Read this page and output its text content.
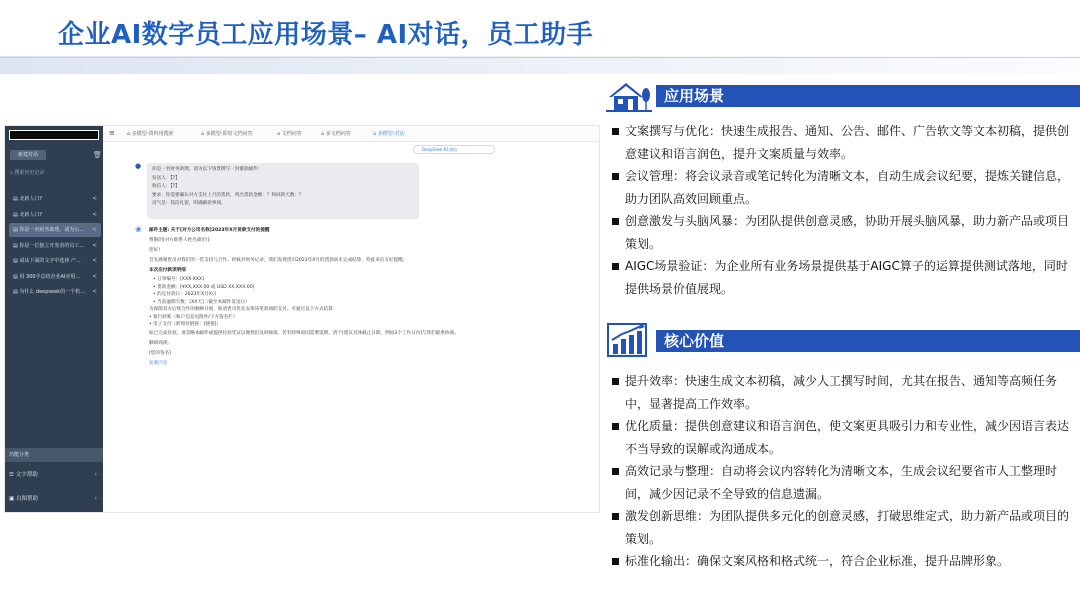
企业AI数字员工应用场景– AI对话，员工助手
新建对话	🗑
⌕ 搜索历史记录
▤ 北新人口?	<
▤ 北新人口?	<
▤ 你是一名财务助理。请为公... <
▤ 你是一位独立开发者的员工... <
▤ 请从下面的文字中选择 产... <
▤ 用 300字总结企业AI应用... <
▤ 为什么 deepseek的一个机... <
功能分类
☰ 文字帮助	›
▣ 自图帮助	›
≡ ⌂ 多模型-资料用搜索	⌂ 多模型-即时文档问答	⌂ 文档问答	⌂ 多文档问答	⌂ 多模型-对话
DeepSeek-R1满血
●	你是一名财务助理。请为以下场景撰写一封催款邮件：

发送人：【?】

收信人：【?】

要求：你需要确认对方支付上月的货款，列出货款金额：？和回款天数：？

语气是：简洁礼貌，明确催款事项。

❀	邮件主题: 关于[对方公司名称]2023年X月货款支付的提醒

尊敬的[对方联系人姓名/职位]:

您好!

首先感谢贵司对我们的一贯支持与合作。经核对财务记录，我们发现贵司2023年X月的货款尚未完成结算，特此来信友好提醒。

本次应付款项明细

• 订单编号：[XXX-XXX]

• 货款金额：[¥XX,XXX.00 或 USD XX,XXX.00]

• 约定付款日：2023年X月X日

• 当前逾期天数：[XX天]（截至本邮件发送日）

为保障双方后续合作的顺畅开展，烦请贵司优先安排该笔款项的支付。可通过以下方式结算：

• 银行转账（账户信息见附件/下方签名栏）

• 电子支付（跨境付链接：[链接]）

如已完成付款，请忽略本邮件或提供付款凭证以便我们及时核销。若有特殊原因需要延期，请于[建议具体截止日期，例如3个工作日内]与我们联系协商。

顺颂商祺,

[您的签名]

复制内容

应用场景
文案撰写与优化：快速生成报告、通知、公告、邮件、广告软文等文本初稿，提供创意建议和语言润色，提升文案质量与效率。
会议管理：将会议录音或笔记转化为清晰文本，自动生成会议纪要，提炼关键信息，助力团队高效回顾重点。
创意激发与头脑风暴：为团队提供创意灵感，协助开展头脑风暴，助力新产品或项目策划。
AIGC场景验证：为企业所有业务场景提供基于AIGC算子的运算提供测试落地，同时提供场景价值展现。
核心价值
提升效率：快速生成文本初稿，减少人工撰写时间，尤其在报告、通知等高频任务中，显著提高工作效率。
优化质量：提供创意建议和语言润色，使文案更具吸引力和专业性，减少因语言表达不当导致的误解或沟通成本。
高效记录与整理：自动将会议内容转化为清晰文本，生成会议纪要省市人工整理时间，减少因记录不全导致的信息遗漏。
激发创新思维：为团队提供多元化的创意灵感，打破思维定式，助力新产品或项目的策划。
标准化输出：确保文案风格和格式统一，符合企业标准，提升品牌形象。
